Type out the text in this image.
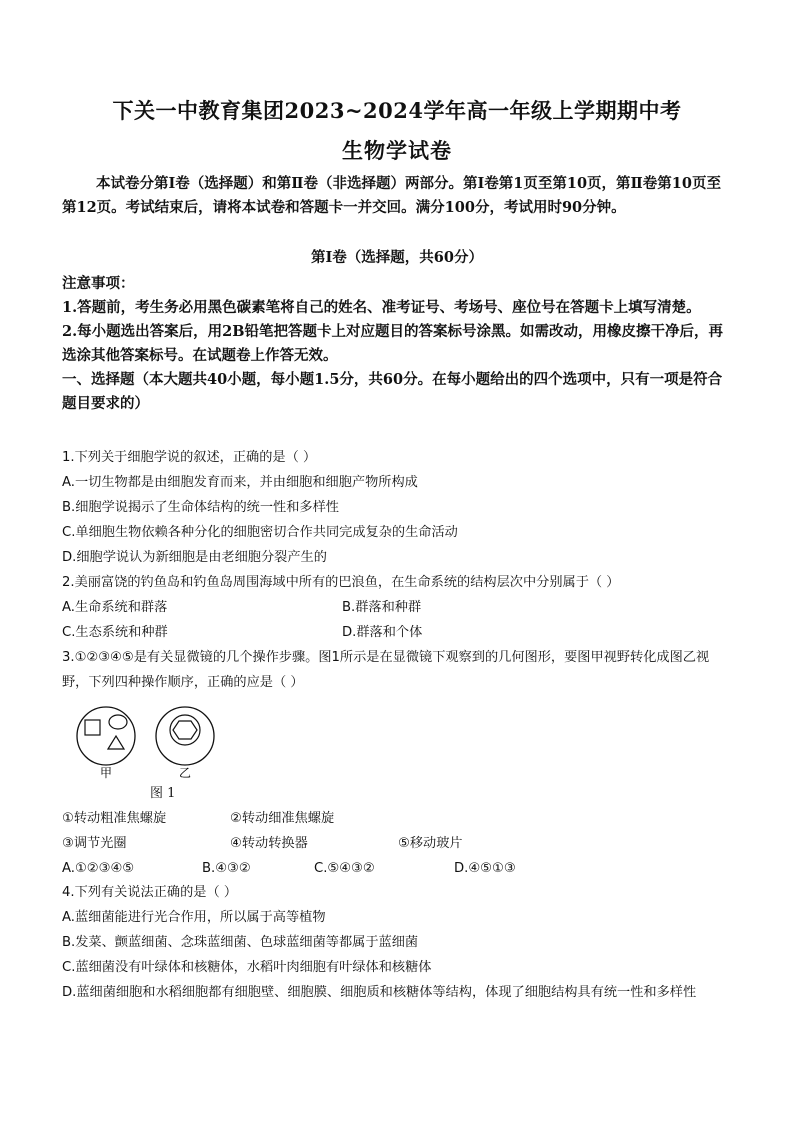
下关一中教育集团2023~2024学年高一年级上学期期中考
生物学试卷
本试卷分第Ⅰ卷（选择题）和第Ⅱ卷（非选择题）两部分。第Ⅰ卷第1页至第10页，第Ⅱ卷第10页至第12页。考试结束后，请将本试卷和答题卡一并交回。满分100分，考试用时90分钟。
第Ⅰ卷（选择题，共60分）

注意事项：

1.答题前，考生务必用黑色碳素笔将自己的姓名、准考证号、考场号、座位号在答题卡上填写清楚。

2.每小题选出答案后，用2B铅笔把答题卡上对应题目的答案标号涂黑。如需改动，用橡皮擦干净后，再选涂其他答案标号。在试题卷上作答无效。

一、选择题（本大题共40小题，每小题1.5分，共60分。在每小题给出的四个选项中，只有一项是符合题目要求的）

1.下列关于细胞学说的叙述，正确的是（ ）

A.一切生物都是由细胞发育而来，并由细胞和细胞产物所构成

B.细胞学说揭示了生命体结构的统一性和多样性

C.单细胞生物依赖各种分化的细胞密切合作共同完成复杂的生命活动

D.细胞学说认为新细胞是由老细胞分裂产生的

2.美丽富饶的钓鱼岛和钓鱼岛周围海域中所有的巴浪鱼，在生命系统的结构层次中分别属于（ ）

A.生命系统和群落	B.群落和种群
C.生态系统和种群	D.群落和个体

3.①②③④⑤是有关显微镜的几个操作步骤。图1所示是在显微镜下观察到的几何图形，要图甲视野转化成图乙视野，下列四种操作顺序，正确的应是（ ）

甲	乙
图 1
①转动粗准焦螺旋	②转动细准焦螺旋
③调节光圈	④转动转换器	⑤移动玻片
A.①②③④⑤	B.④③②	C.⑤④③②	D.④⑤①③

4.下列有关说法正确的是（ ）

A.蓝细菌能进行光合作用，所以属于高等植物

B.发菜、颤蓝细菌、念珠蓝细菌、色球蓝细菌等都属于蓝细菌

C.蓝细菌没有叶绿体和核糖体，水稻叶肉细胞有叶绿体和核糖体

D.蓝细菌细胞和水稻细胞都有细胞壁、细胞膜、细胞质和核糖体等结构，体现了细胞结构具有统一性和多样性
